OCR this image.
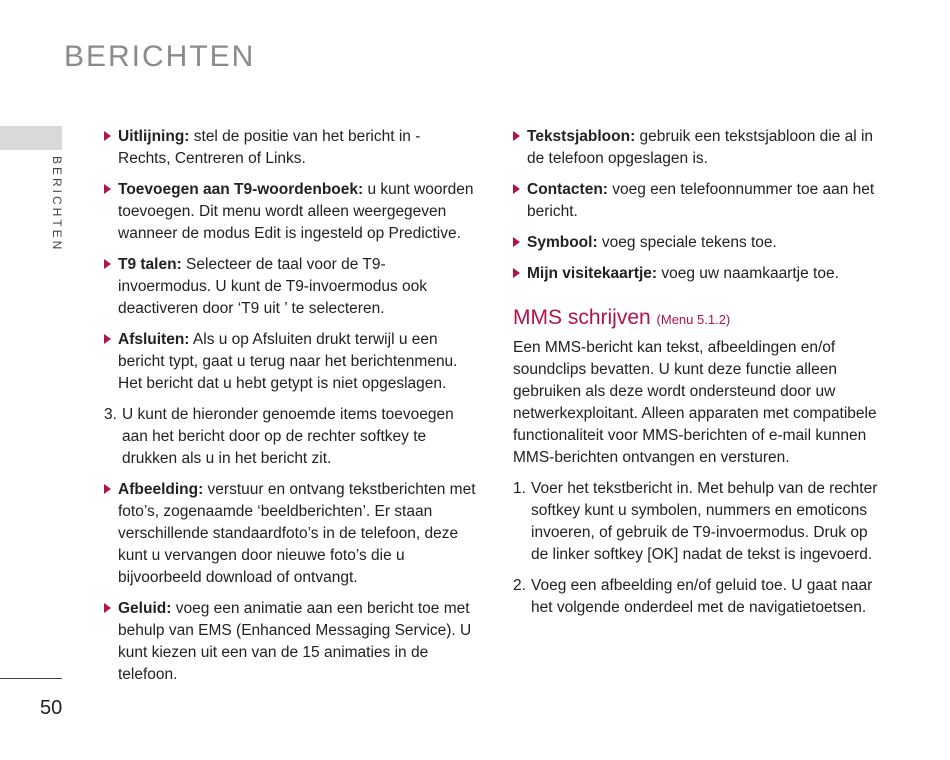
BERICHTEN
BERICHTEN
50
Uitlijning: stel de positie van het bericht in - Rechts, Centreren of Links.
Toevoegen aan T9-woordenboek: u kunt woorden toevoegen. Dit menu wordt alleen weergegeven wanneer de modus Edit is ingesteld op Predictive.
T9 talen: Selecteer de taal voor de T9-invoermodus. U kunt de T9-invoermodus ook deactiveren door ‘T9 uit ’ te selecteren.
Afsluiten: Als u op Afsluiten drukt terwijl u een bericht typt, gaat u terug naar het berichtenmenu. Het bericht dat u hebt getypt is niet opgeslagen.
3. U kunt de hieronder genoemde items toevoegen aan het bericht door op de rechter softkey te drukken als u in het bericht zit.
Afbeelding: verstuur en ontvang tekstberichten met foto’s, zogenaamde ‘beeldberichten’. Er staan verschillende standaardfoto’s in de telefoon, deze kunt u vervangen door nieuwe foto’s die u bijvoorbeeld download of ontvangt.
Geluid: voeg een animatie aan een bericht toe met behulp van EMS (Enhanced Messaging Service). U kunt kiezen uit een van de 15 animaties in de telefoon.
Tekstsjabloon: gebruik een tekstsjabloon die al in de telefoon opgeslagen is.
Contacten: voeg een telefoonnummer toe aan het bericht.
Symbool: voeg speciale tekens toe.
Mijn visitekaartje: voeg uw naamkaartje toe.
MMS schrijven (Menu 5.1.2)
Een MMS-bericht kan tekst, afbeeldingen en/of soundclips bevatten. U kunt deze functie alleen gebruiken als deze wordt ondersteund door uw netwerkexploitant. Alleen apparaten met compatibele functionaliteit voor MMS-berichten of e-mail kunnen MMS-berichten ontvangen en versturen.
1. Voer het tekstbericht in. Met behulp van de rechter softkey kunt u symbolen, nummers en emoticons invoeren, of gebruik de T9-invoermodus. Druk op de linker softkey [OK] nadat de tekst is ingevoerd.
2. Voeg een afbeelding en/of geluid toe. U gaat naar het volgende onderdeel met de navigatietoetsen.
